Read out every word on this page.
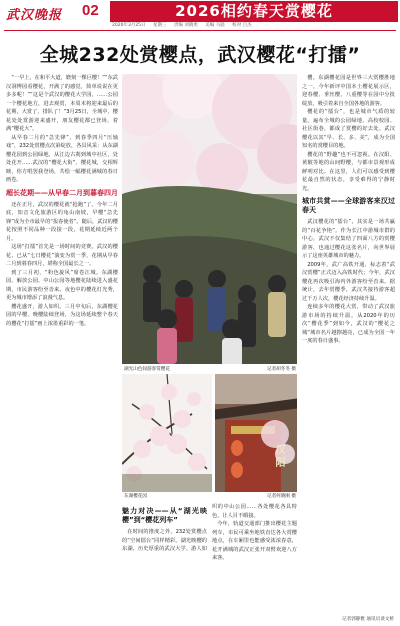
武汉晚报 02	2026相约春天赏樱花
2026年3月25日 星期三 责编 刘晓勇 美编 马骁 校对 吕杰
全城232处赏樱点，武汉樱花“打擂”

“一早上，在和平大道，磨刻一棵巨樱！”“东武汉洞博园看樱花，开满了的感觉，简单说说在更多多呢！”“这是个武汉的樱花大学园，……公园一个樱花地方，进去观赏，本周末将迎来最后的花期，大赏了，排队了！”3月25日，全城中，樱花处处赏游迎来盛开，朋友樱花都已登场，着满“樱花大”。

从早春二月的“急先锋”，到春季四月“压轴戏”，232处赏樱点次第绽放，各具风采：从东湖樱花园到公园绿地，从江边古刹到城中社区，处处花开……武汉的“樱花大街”、樱花城，交相辉映，你方唱罢我登场，共绘一幅樱花满城的春日画卷。

超长花期——从早春二月到暮春四月

还在正月，武汉的樱花就“抢跑”了。今年二月底，知音文化旅游区的龟山南坡，早樱“急先锋”成为全市最早的“报春使者”。随后，武汉的樱花按照不同品种一段接一段，花期延续近两个月。

这场“打擂”首先是一场时间的竞赛。武汉的樱花，已从“七日樱花”演变为赏一季，花期从早春二月到暮春四月，堪称全国最长之一。

到了三月初，“粉色旋风”席卷江城。东湖樱园、解放公园、中山公园等地樱花陆续进入盛花期，市民游客纷至沓来。夜色中的樱花灯光秀，更为城市增添了浪漫气息。

樱花盛开，游人如织。三月中旬后，东湖樱花园的早樱、晚樱陆续登场，为这场延续整个春天的樱花“打擂”画上浓墨重彩的一笔。

湖光山色间游客赏樱花	记者胡冬冬 摄

樱。东湖樱花园是世界三大赏樱胜地之一，今年新评中国本土樱花展示区，迎春樱、垂丝樱、八重樱等在园中分批绽放，吸引着来自全国各地的游客。

樱花的“擂台”，也是城市气质的较量。遍布全城的公园绿地、高校校园、社区街巷，都成了赏樱的好去处。武汉樱花以其“早、长、多、美”，成为全国知名的赏樱目的地。

樱花的“野趣”也不可忽视。在汉阳、黄陂等地的山间野樱，与都市景观形成鲜明对比。在这里，人们可以感受到樱花最自然的状态，享受难得的宁静时光。

城市共赏——全球游客来汉过春天

武汉樱花的“擂台”，其实是一场共赢的“百花争艳”。作为长江中游城市群的中心，武汉不仅集结了四面八方的赏樱游客，也通过樱花这张名片，向世界展示了这座英雄城市的魅力。

2009年，武广高铁开通，标志着“武汉赏樱”正式迈入高铁时代；今年，武汉樱花再次吸引海内外游客纷至沓来。据统计，去年赏樱季，武汉共接待游客超过千万人次，樱花经济持续升温。

连续多年的樱花大赏，带动了武汉旅游市场的持续升温。从2020年的历次“樱花季”到如今，武汉的“樱花之城”城市名片越擦越亮，已成为全国一年一度的春日盛事。

东湖樱花园
汉阳
记者何晓刚 摄

魅力对决——从“湖光映樱”到“樱花列车”

在时间的推度之外，232处赏樱点的“空间擂台”同样精彩。湖光映樱的东湖、历史厚重的武汉大学、游人如织的中山公园……各处樱花各具特色，让人目不暇接。

今年，轨道交通部门推出樱花主题列车，市民可乘坐地铁直达各大赏樱地点，在车厢里也能感受浓浓春意，花开满城的武汉正张开双臂欢迎八方来客。

记者郭静雅 通讯员谈文桥
